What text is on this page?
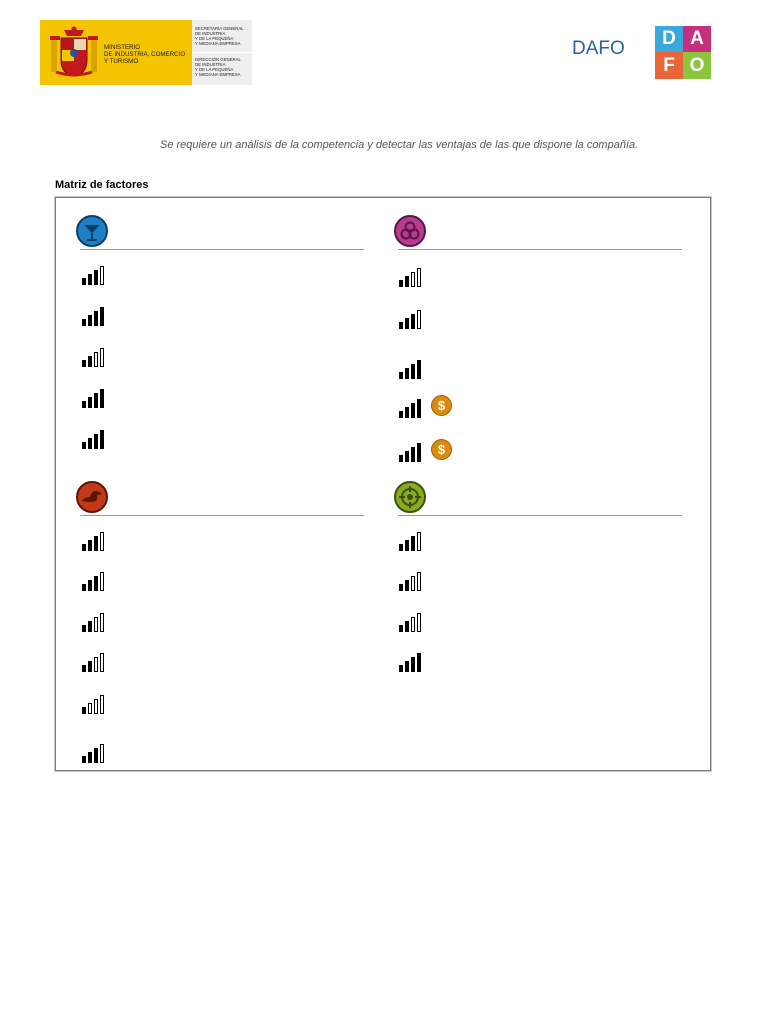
MINISTERIO
DE INDUSTRIA, COMERCIO
Y TURISMO
SECRETARÍA GENERAL
DE INDUSTRIA
Y DE LA PEQUEÑA
Y MEDIANA EMPRESA
DIRECCIÓN GENERAL
DE INDUSTRIA
Y DE LA PEQUEÑA
Y MEDIANA EMPRESA
DAFO	D A
F O
Se requiere un análisis de la competencia y detectar las ventajas de las que dispone la compañía.
Matriz de factores
$
$
